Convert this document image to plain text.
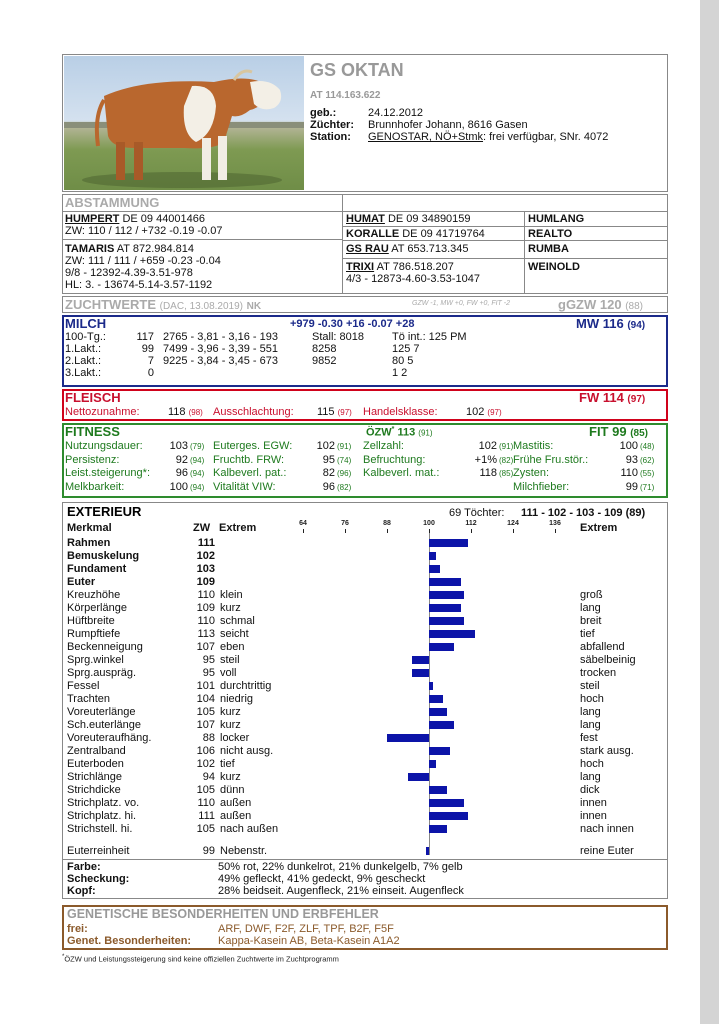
GS OKTAN
AT 114.163.622
geb.:	24.12.2012
Züchter: Brunnhofer Johann, 8616 Gasen
Station: GENOSTAR, NÖ+Stmk: frei verfügbar, SNr. 4072
ABSTAMMUNG
HUMPERT DE 09 44001466
ZW: 110 / 112 / +732 -0.19 -0.07
HUMAT DE 09 34890159	HUMLANG
KORALLE DE 09 41719764	REALTO
TAMARIS AT 872.984.814
ZW: 111 / 111 / +659 -0.23 -0.04
9/8 - 12392-4.39-3.51-978
HL: 3. - 13674-5.14-3.57-1192
GS RAU AT 653.713.345	RUMBA
TRIXI AT 786.518.207
4/3 - 12873-4.60-3.53-1047
WEINOLD
ZUCHTWERTE (DAC, 13.08.2019) NK	GZW -1, MW +0, FW +0, FIT -2	gGZW 120 (88)
MILCH	+979 -0.30 +16 -0.07 +28	MW 116 (94)
100-Tg.:	117 2765 - 3,81 - 3,16 - 193	Stall: 8018	Tö int.: 125 PM
1.Lakt.:	99 7499 - 3,96 - 3,39 - 551	8258	125 7
2.Lakt.:	7 9225 - 3,84 - 3,45 - 673	9852	80 5
3.Lakt.:	0	1 2
FLEISCH	FW 114 (97)
Nettozunahme:	118 (98) Ausschlachtung: 115 (97) Handelsklasse:	102 (97)
FITNESS	ÖZW* 113 (91)	FIT 99 (85)
Nutzungsdauer:	103 (79) Euterges. EGW:	102 (91) Zellzahl:	102 (91) Mastitis:	100 (48)
Persistenz:	92 (94) Fruchtb. FRW:	95 (74) Befruchtung:	+1% (82) Frühe Fru.stör.:	93 (62)
Leist.steigerung*:	96 (94) Kalbeverl. pat.:	82 (96) Kalbeverl. mat.:	118 (85) Zysten:	110 (55)
Melkbarkeit:	100 (94) Vitalität VIW:	96 (82)	Milchfieber:	99 (71)
EXTERIEUR	69 Töchter: 111 - 102 - 103 - 109 (89)
Merkmal	ZW Extrem	Extrem
64	76	88	100	112	124	136
Rahmen	111
Bemuskelung	102
Fundament	103
Euter	109
Kreuzhöhe	110 klein	groß
Körperlänge	109 kurz	lang
Hüftbreite	110 schmal	breit
Rumpftiefe	113 seicht	tief
Beckenneigung	107 eben	abfallend
Sprg.winkel	95 steil	säbelbeinig
Sprg.auspräg.	95 voll	trocken
Fessel	101 durchtrittig	steil
Trachten	104 niedrig	hoch
Voreuterlänge	105 kurz	lang
Sch.euterlänge	107 kurz	lang
Voreuteraufhäng.	88 locker	fest
Zentralband	106 nicht ausg.	stark ausg.
Euterboden	102 tief	hoch
Strichlänge	94 kurz	lang
Strichdicke	105 dünn	dick
Strichplatz. vo.	110 außen	innen
Strichplatz. hi.	111 außen	innen
Strichstell. hi.	105 nach außen	nach innen
Euterreinheit	99 Nebenstr.	reine Euter
Farbe:	50% rot, 22% dunkelrot, 21% dunkelgelb, 7% gelb
Scheckung:	49% gefleckt, 41% gedeckt, 9% gescheckt
Kopf:	28% beidseit. Augenfleck, 21% einseit. Augenfleck
GENETISCHE BESONDERHEITEN UND ERBFEHLER
frei:	ARF, DWF, F2F, ZLF, TPF, B2F, F5F
Genet. Besonderheiten: Kappa-Kasein AB, Beta-Kasein A1A2
*ÖZW und Leistungssteigerung sind keine offiziellen Zuchtwerte im Zuchtprogramm
